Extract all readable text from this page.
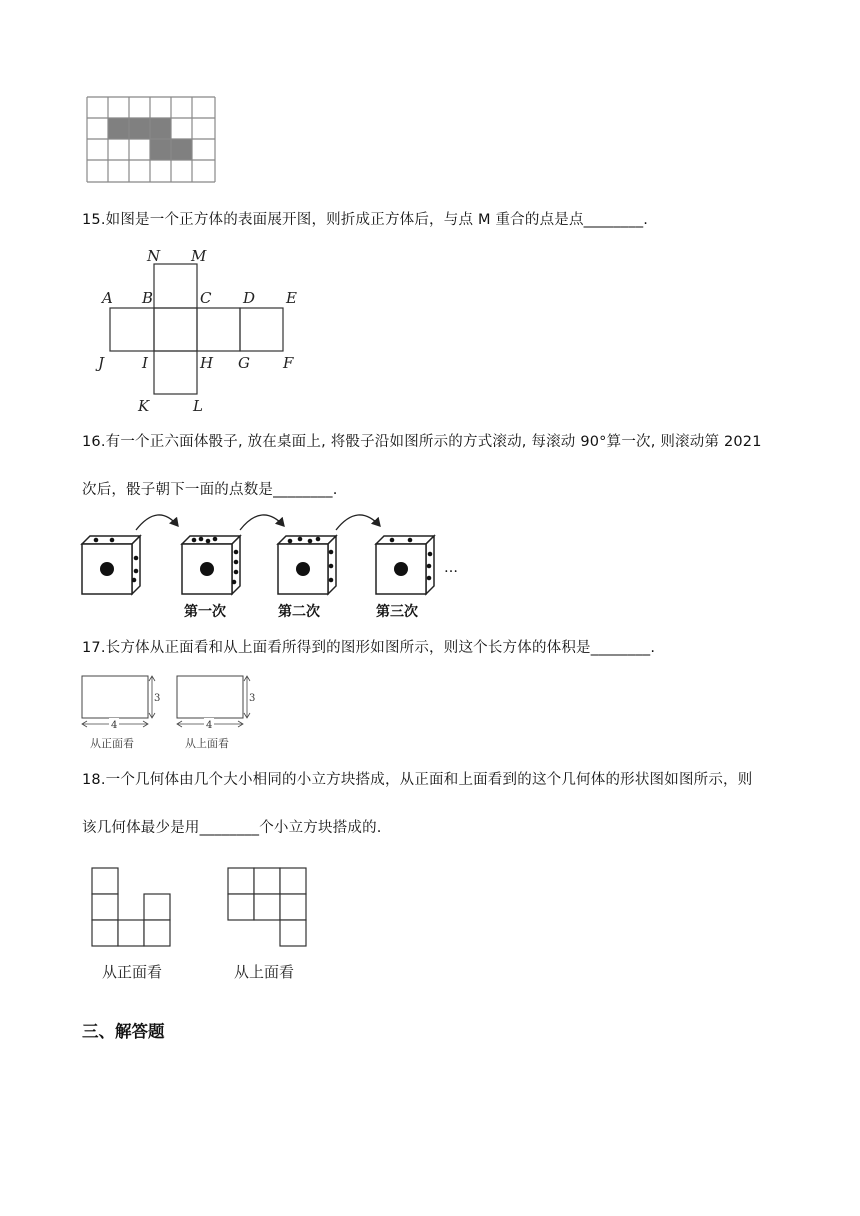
15.如图是一个正方体的表面展开图，则折成正方体后，与点 M 重合的点是点________.
N M
A B	C D E
J	I	H G F
K	L
16.有一个正六面体骰子, 放在桌面上, 将骰子沿如图所示的方式滚动, 每滚动 90°算一次, 则滚动第 2021
次后，骰子朝下一面的点数是________.
第一次	第二次	第三次
…
17.长方体从正面看和从上面看所得到的图形如图所示，则这个长方体的体积是________.
3
4
从正面看
3
4
从上面看
18.一个几何体由几个大小相同的小立方块搭成，从正面和上面看到的这个几何体的形状图如图所示，则
该几何体最少是用________个小立方块搭成的.
从正面看	从上面看
三、解答题
